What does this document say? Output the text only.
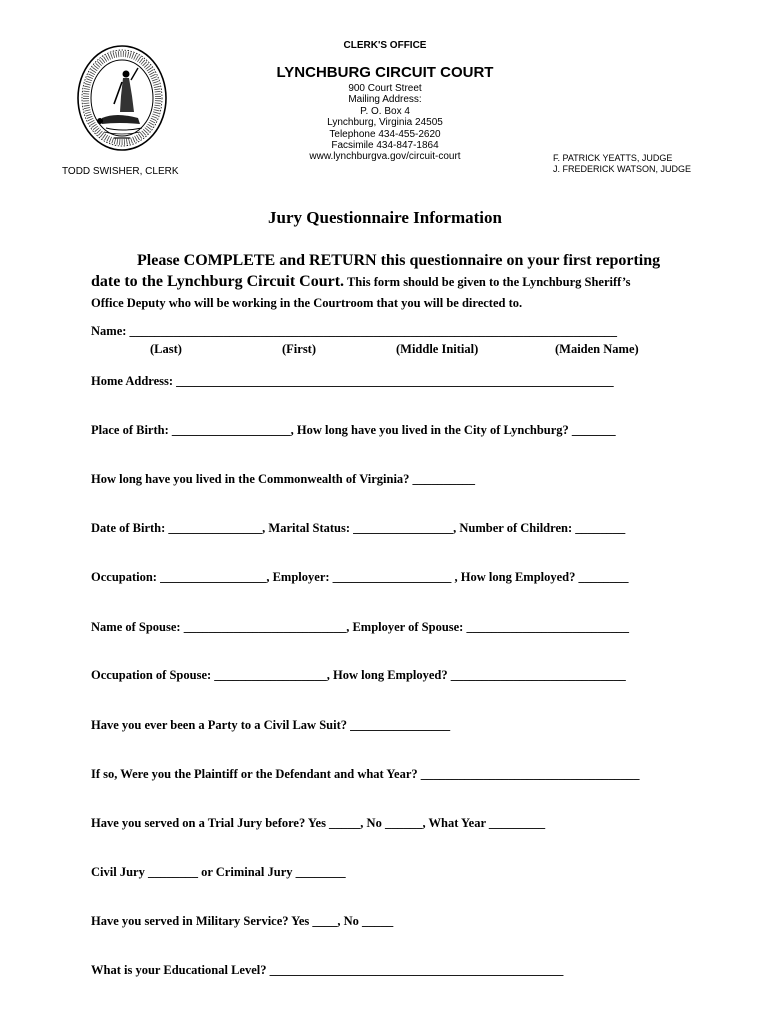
CLERK'S OFFICE
LYNCHBURG CIRCUIT COURT
900 Court Street
Mailing Address:
P. O. Box 4
Lynchburg, Virginia 24505
Telephone 434-455-2620
Facsimile 434-847-1864
www.lynchburgva.gov/circuit-court
TODD SWISHER, CLERK
F. PATRICK YEATTS, JUDGE
J. FREDERICK WATSON, JUDGE
Jury Questionnaire Information

Please COMPLETE and RETURN this questionnaire on your first reporting

date to the Lynchburg Circuit Court. This form should be given to the Lynchburg Sheriff’s

Office Deputy who will be working in the Courtroom that you will be directed to.

Name: ______________________________________________________________________________
(Last)	(First)	(Middle Initial)	(Maiden Name)
Home Address: ______________________________________________________________________
Place of Birth: ___________________, How long have you lived in the City of Lynchburg? _______
How long have you lived in the Commonwealth of Virginia? __________
Date of Birth: _______________, Marital Status: ________________, Number of Children: ________
Occupation: _________________, Employer: ___________________ , How long Employed? ________
Name of Spouse: __________________________, Employer of Spouse: __________________________
Occupation of Spouse: __________________, How long Employed? ____________________________
Have you ever been a Party to a Civil Law Suit? ________________
If so, Were you the Plaintiff or the Defendant and what Year? ___________________________________
Have you served on a Trial Jury before? Yes _____, No ______, What Year _________
Civil Jury ________ or Criminal Jury ________
Have you served in Military Service? Yes ____, No _____
What is your Educational Level? _______________________________________________
